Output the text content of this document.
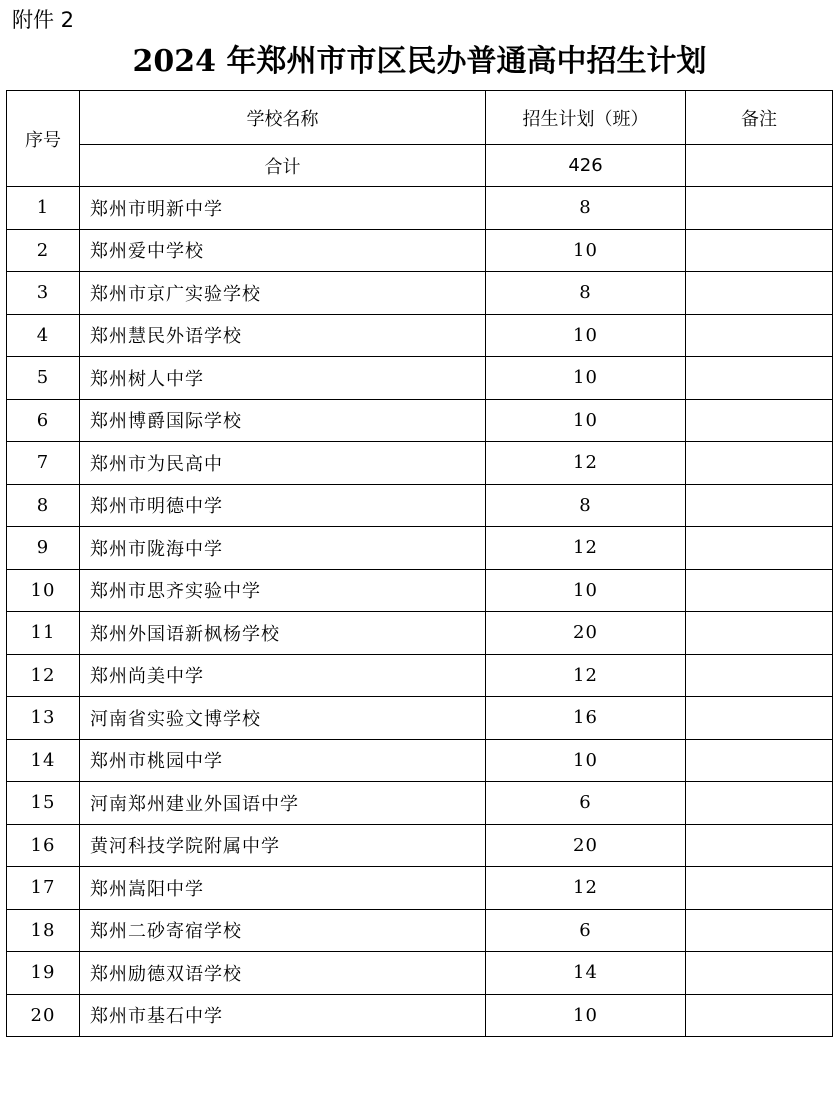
附件 2
2024 年郑州市市区民办普通高中招生计划
序号	学校名称	招生计划（班）	备注
	合计	426	
1	郑州市明新中学	8	
2	郑州爱中学校	10	
3	郑州市京广实验学校	8	
4	郑州慧民外语学校	10	
5	郑州树人中学	10	
6	郑州博爵国际学校	10	
7	郑州市为民高中	12	
8	郑州市明德中学	8	
9	郑州市陇海中学	12	
10	郑州市思齐实验中学	10	
11	郑州外国语新枫杨学校	20	
12	郑州尚美中学	12	
13	河南省实验文博学校	16	
14	郑州市桃园中学	10	
15	河南郑州建业外国语中学	6	
16	黄河科技学院附属中学	20	
17	郑州嵩阳中学	12	
18	郑州二砂寄宿学校	6	
19	郑州励德双语学校	14	
20	郑州市基石中学	10	
